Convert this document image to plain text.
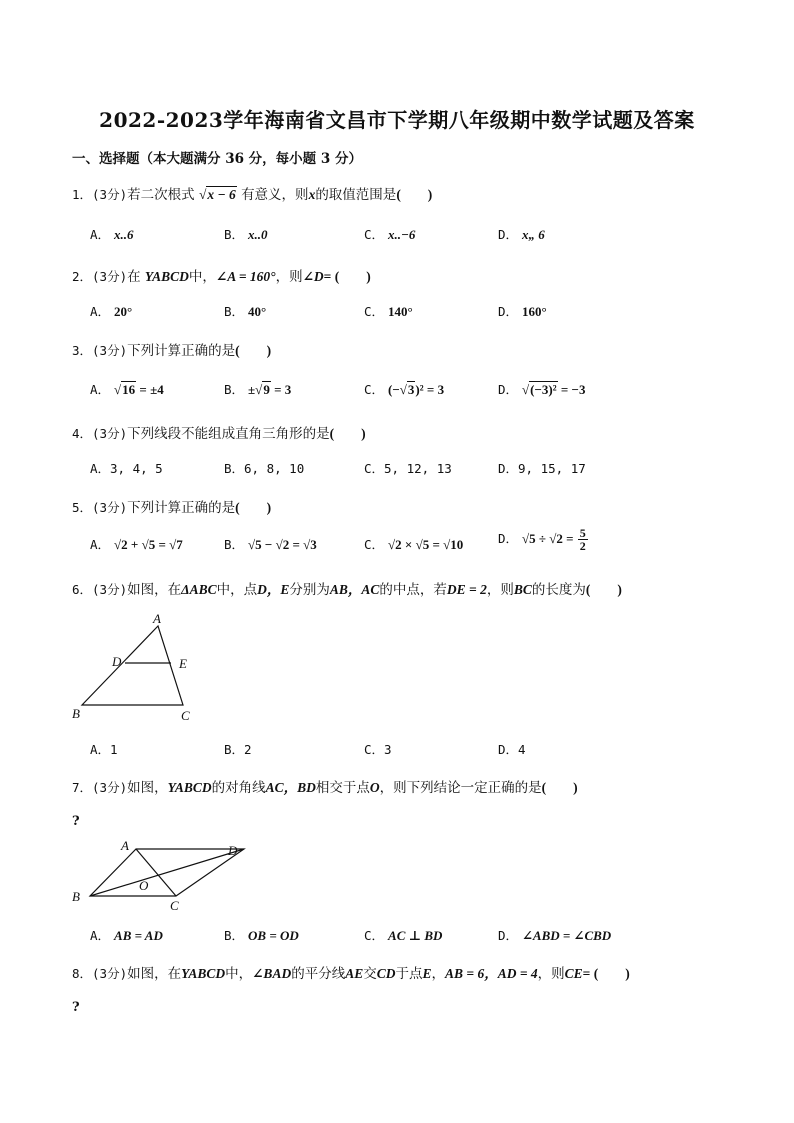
2022-2023学年海南省文昌市下学期八年级期中数学试题及答案
一、选择题（本大题满分 36 分，每小题 3 分）
1．(3分)若二次根式 √x − 6 有意义，则x的取值范围是(　　)
A． x..6	B． x..0	C． x..−6	D． x„ 6
2．(3分)在 YABCD中，∠A = 160°，则∠D= (　　)
A． 20°	B． 40°	C． 140°	D． 160°
3．(3分)下列计算正确的是(　　)
A． √16 = ±4	B． ±√9 = 3	C． (−√3)² = 3	D． √(−3)² = −3
4．(3分)下列线段不能组成直角三角形的是(　　)
A．3, 4, 5	B．6, 8, 10	C．5, 12, 13	D．9, 15, 17
5．(3分)下列计算正确的是(　　)
A． √2 + √5 = √7	B． √5 − √2 = √3	C． √2 × √5 = √10	D． $√5 \div √2 = \frac{5}{2}$
6．(3分)如图，在ΔABC中，点D，E分别为AB，AC的中点，若DE = 2，则BC的长度为(　　)
A
D	E
B	C
A．1	B．2	C．3	D．4
7．(3分)如图，YABCD的对角线AC，BD相交于点O，则下列结论一定正确的是(　　)
?
A	D
B
O
C
A． AB = AD	B． OB = OD	C． AC ⊥ BD	D． ∠ABD = ∠CBD
8．(3分)如图，在YABCD中，∠BAD的平分线AE交CD于点E，AB = 6，AD = 4，则CE= (　　)
?
